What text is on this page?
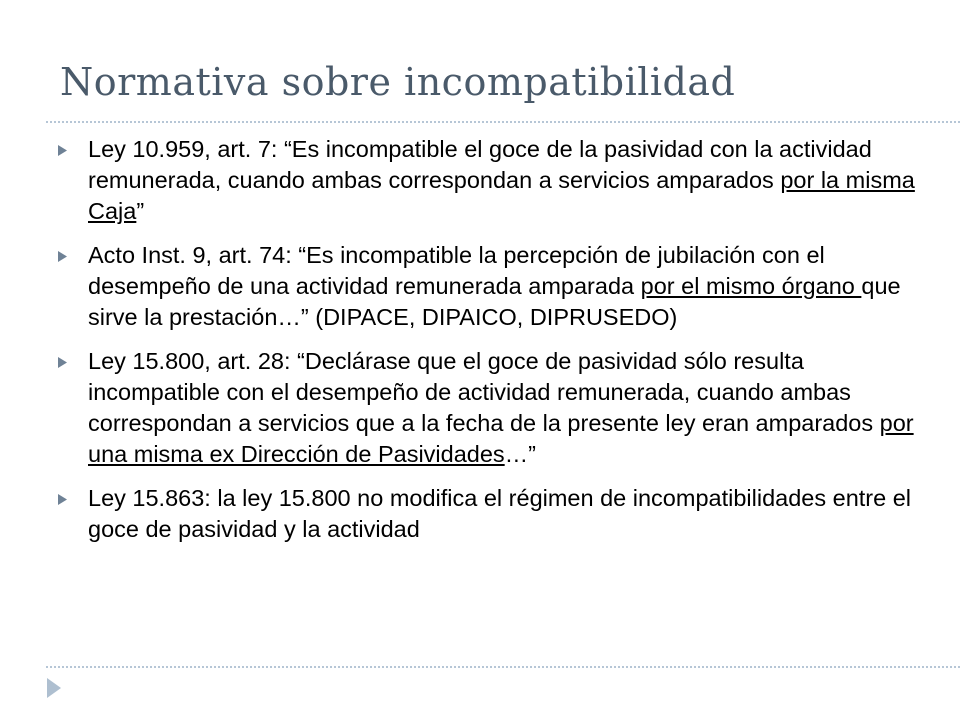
Normativa sobre incompatibilidad
Ley 10.959, art. 7: “Es incompatible el goce de la pasividad con la actividad remunerada, cuando ambas correspondan a servicios amparados por la misma Caja”
Acto Inst. 9, art. 74: “Es incompatible la percepción de jubilación con el desempeño de una actividad remunerada amparada por el mismo órgano que sirve la prestación…” (DIPACE, DIPAICO, DIPRUSEDO)
Ley 15.800, art. 28: “Declárase que el goce de pasividad sólo resulta incompatible con el desempeño de actividad remunerada, cuando ambas correspondan a servicios que a la fecha de la presente ley eran amparados por una misma ex Dirección de Pasividades…”
Ley 15.863: la ley 15.800 no modifica el régimen de incompatibilidades entre el goce de pasividad y la actividad
